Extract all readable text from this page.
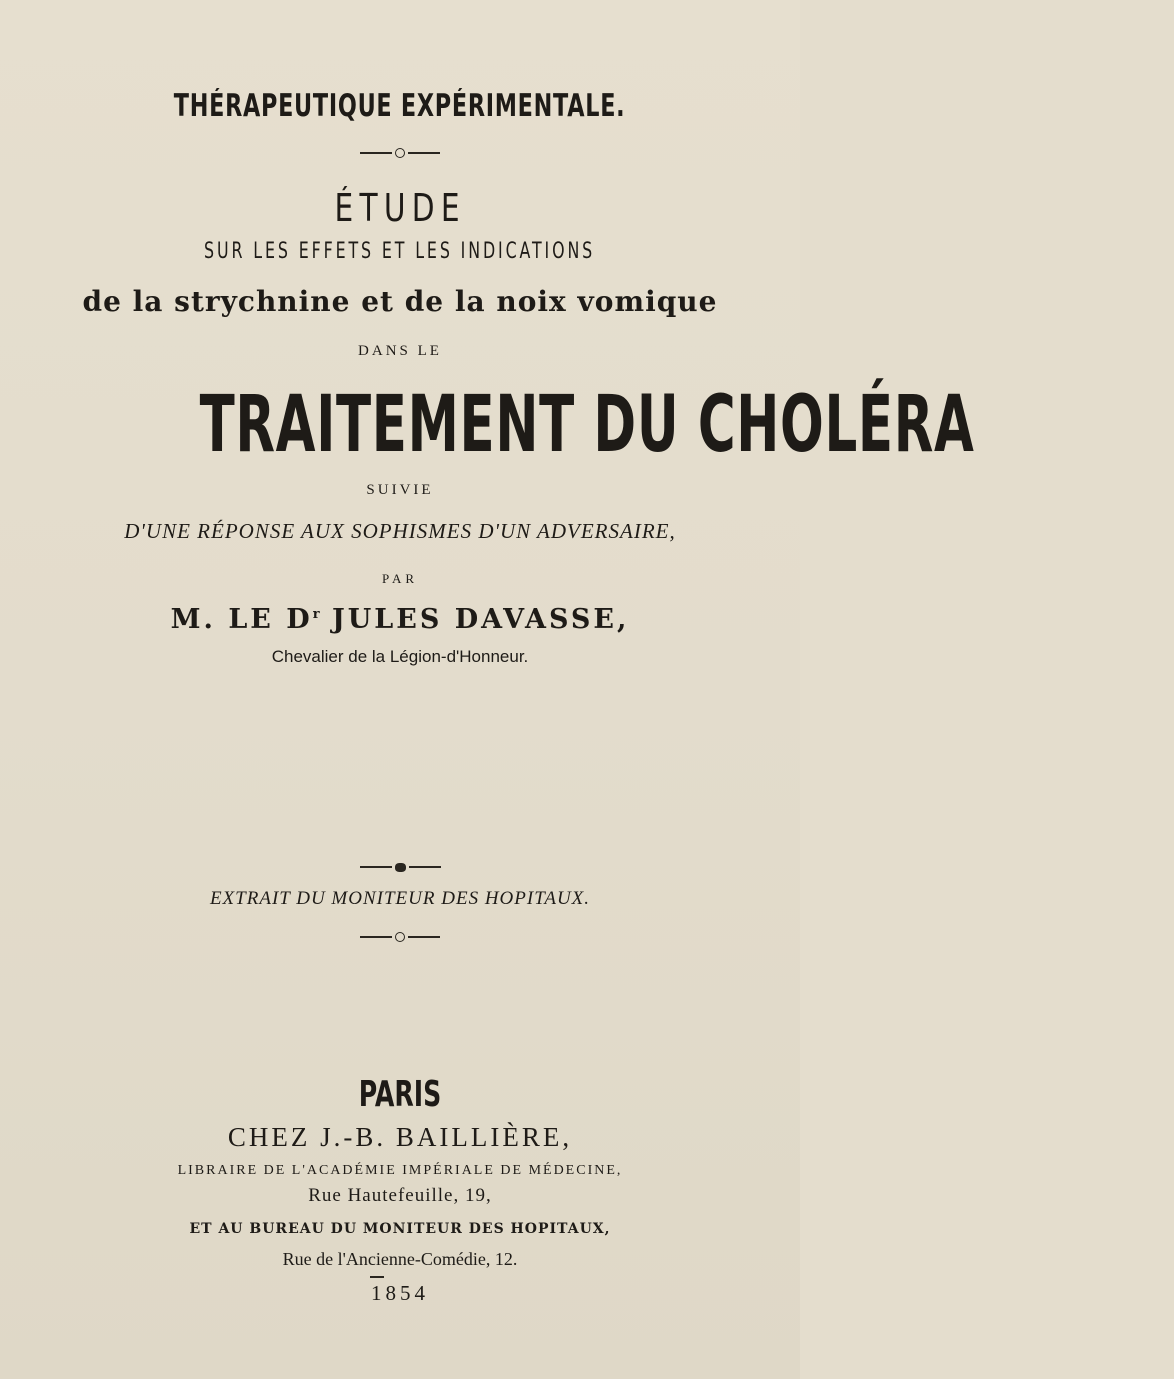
THÉRAPEUTIQUE EXPÉRIMENTALE.
ÉTUDE
SUR LES EFFETS ET LES INDICATIONS
de la strychnine et de la noix vomique
DANS LE
TRAITEMENT DU CHOLÉRA
SUIVIE
D'UNE RÉPONSE AUX SOPHISMES D'UN ADVERSAIRE,
PAR
M. LE $D^r$ JULES DAVASSE,
Chevalier de la Légion-d'Honneur.
EXTRAIT DU MONITEUR DES HOPITAUX.
PARIS
CHEZ J.-B. BAILLIÈRE,
LIBRAIRE DE L'ACADÉMIE IMPÉRIALE DE MÉDECINE,
Rue Hautefeuille, 19,
ET AU BUREAU DU MONITEUR DES HOPITAUX,
Rue de l'Ancienne-Comédie, 12.
1854
